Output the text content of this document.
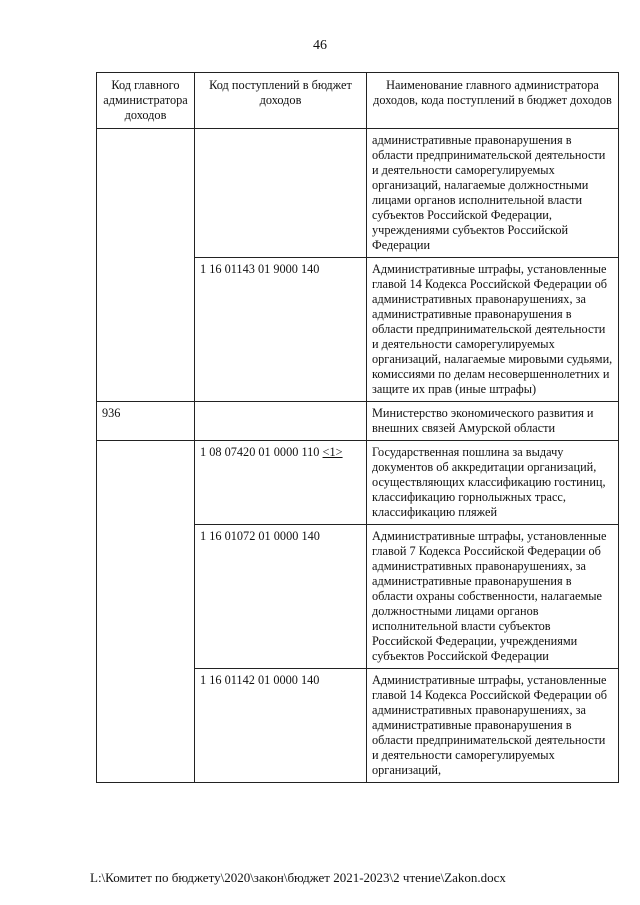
46
Код главного администратора доходов	Код поступлений в бюджет доходов	Наименование главного администратора доходов, кода поступлений в бюджет доходов
		административные правонарушения в области предпринимательской деятельности и деятельности саморегулируемых организаций, налагаемые должностными лицами органов исполнительной власти субъектов Российской Федерации, учреждениями субъектов Российской Федерации
	1 16 01143 01 9000 140	Административные штрафы, установленные главой 14 Кодекса Российской Федерации об административных правонарушениях, за административные правонарушения в области предпринимательской деятельности и деятельности саморегулируемых организаций, налагаемые мировыми судьями, комиссиями по делам несовершеннолетних и защите их прав (иные штрафы)
936		Министерство экономического развития и внешних связей Амурской области
	1 08 07420 01 0000 110 <1>	Государственная пошлина за выдачу документов об аккредитации организаций, осуществляющих классификацию гостиниц, классификацию горнолыжных трасс, классификацию пляжей
	1 16 01072 01 0000 140	Административные штрафы, установленные главой 7 Кодекса Российской Федерации об административных правонарушениях, за административные правонарушения в области охраны собственности, налагаемые должностными лицами органов исполнительной власти субъектов Российской Федерации, учреждениями субъектов Российской Федерации
	1 16 01142 01 0000 140	Административные штрафы, установленные главой 14 Кодекса Российской Федерации об административных правонарушениях, за административные правонарушения в области предпринимательской деятельности и деятельности саморегулируемых организаций,
L:\Комитет по бюджету\2020\закон\бюджет 2021-2023\2 чтение\Zakon.docx
